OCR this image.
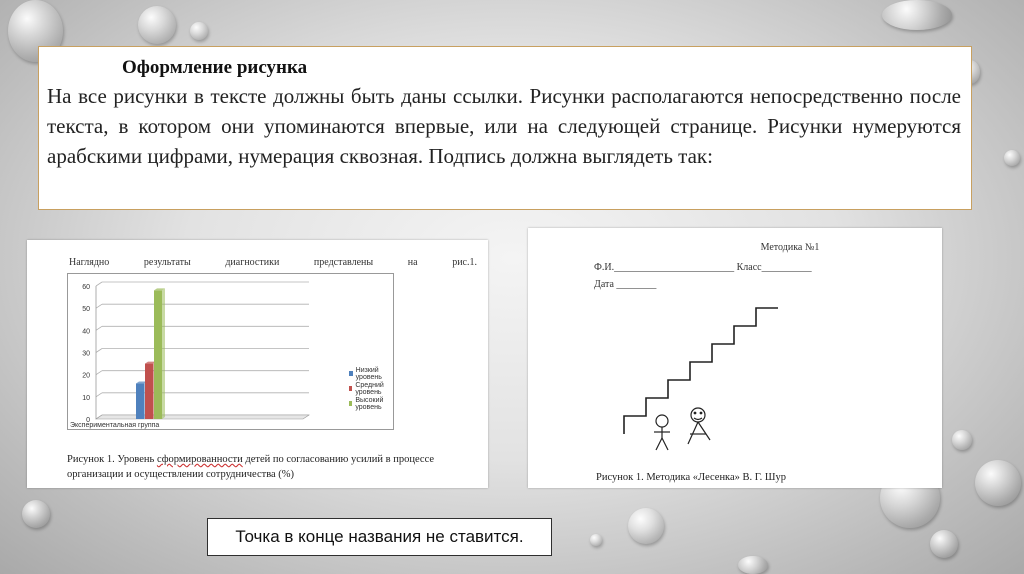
Оформление рисунка
На все рисунки в тексте должны быть даны ссылки. Рисунки располагаются непосредственно после текста, в котором они упоминаются впервые, или на следующей странице. Рисунки нумеруются арабскими цифрами, нумерация сквозная. Подпись должна выглядеть так:
Наглядно	результаты	диагностики	представлены	на	рис.1.
0
10
20
30
40
50
60
Экспериментальная группа
Низкий уровень
Средний уровень
Высокий уровень
Рисунок 1. Уровень сформированности детей по согласованию усилий в процессе организации и осуществлении сотрудничества (%)
Методика №1
Ф.И.________________________ Класс__________
Дата ________
Рисунок 1. Методика «Лесенка» В. Г. Шур
Точка в конце названия не ставится.
